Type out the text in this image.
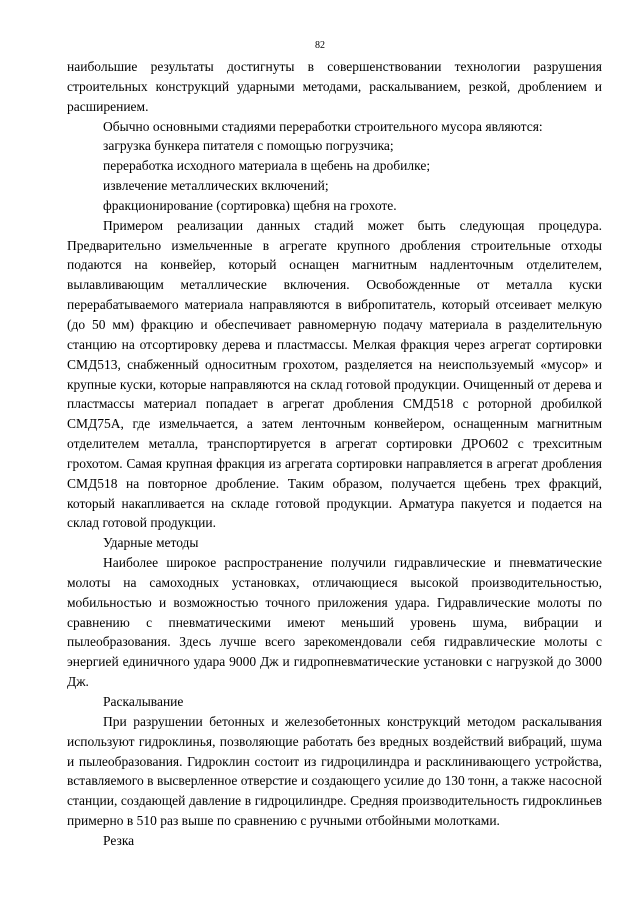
82

наибольшие результаты достигнуты в совершенствовании технологии разрушения строительных конструкций ударными методами, раскалыванием, резкой, дроблением и расширением.

Обычно основными стадиями переработки строительного мусора являются:

загрузка бункера питателя с помощью погрузчика;

переработка исходного материала в щебень на дробилке;

извлечение металлических включений;

фракционирование (сортировка) щебня на грохоте.

Примером реализации данных стадий может быть следующая процедура. Предварительно измельченные в агрегате крупного дробления строительные отходы подаются на конвейер, который оснащен магнитным надленточным отделителем, вылавливающим металлические включения. Освобожденные от металла куски перерабатываемого материала направляются в вибропитатель, который отсеивает мелкую (до 50 мм) фракцию и обеспечивает равномерную подачу материала в разделительную станцию на отсортировку дерева и пластмассы. Мелкая фракция через агрегат сортировки СМД513, снабженный односитным грохотом, разделяется на неиспользуемый «мусор» и крупные куски, которые направляются на склад готовой продукции. Очищенный от дерева и пластмассы материал попадает в агрегат дробления СМД518 с роторной дробилкой СМД75А, где измельчается, а затем ленточным конвейером, оснащенным магнитным отделителем металла, транспортируется в агрегат сортировки ДРО602 с трехситным грохотом. Самая крупная фракция из агрегата сортировки направляется в агрегат дробления СМД518 на повторное дробление. Таким образом, получается щебень трех фракций, который накапливается на складе готовой продукции. Арматура пакуется и подается на склад готовой продукции.

Ударные методы

Наиболее широкое распространение получили гидравлические и пневматические молоты на самоходных установках, отличающиеся высокой производительностью, мобильностью и возможностью точного приложения удара. Гидравлические молоты по сравнению с пневматическими имеют меньший уровень шума, вибрации и пылеобразования. Здесь лучше всего зарекомендовали себя гидравлические молоты с энергией единичного удара 9000 Дж и гидропневматические установки с нагрузкой до 3000 Дж.

Раскалывание

При разрушении бетонных и железобетонных конструкций методом раскалывания используют гидроклинья, позволяющие работать без вредных воздействий вибраций, шума и пылеобразования. Гидроклин состоит из гидроцилиндра и расклинивающего устройства, вставляемого в высверленное отверстие и создающего усилие до 130 тонн, а также насосной станции, создающей давление в гидроцилиндре. Средняя производительность гидроклиньев примерно в 510 раз выше по сравнению с ручными отбойными молотками.

Резка
